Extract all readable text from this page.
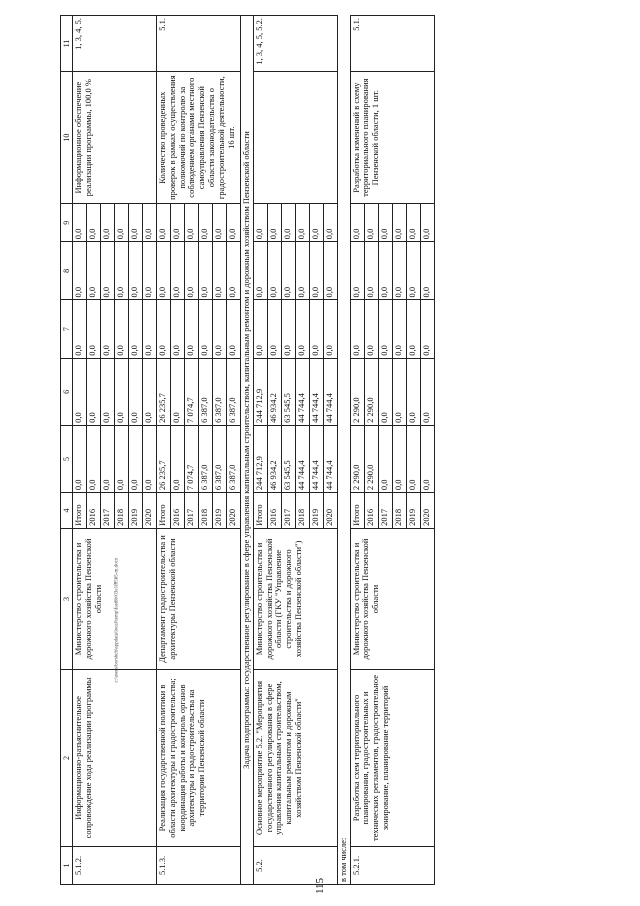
115
c:\users\borshch\appdata\local\temp\fast6b\03e1f8565-m.docx
1	2	3	4	5	6	7	8	9	10	11
5.1.2.	Информационно-разъяснительное сопровождение хода реализации программы	Министерство строительства и дорожного хозяйства Пензенской области	Итого	0,0	0,0	0,0	0,0	0,0	Информационное обеспечение реализации программы, 100,0 %	1, 3, 4, 5.
			2016	0,0	0,0	0,0	0,0	0,0		
			2017	0,0	0,0	0,0	0,0	0,0		
			2018	0,0	0,0	0,0	0,0	0,0		
			2019	0,0	0,0	0,0	0,0	0,0		
			2020	0,0	0,0	0,0	0,0	0,0		
5.1.3.	Реализация государственной политики в области архитектуры и градостроительства; координация работы и контроль органов архитектуры и градостроительства на территории Пензенской области	Департамент градостроительства и архитектуры Пензенской области	Итого	26 235,7	26 235,7	0,0	0,0	0,0	Количество проведенных проверок в рамках осуществления полномочий по контролю за соблюдением органами местного самоуправления Пензенской области законодательства о градостроительной деятельности, 16 шт.	5.1.
			2016	0,0	0,0	0,0	0,0	0,0		
			2017	7 074,7	7 074,7	0,0	0,0	0,0		
			2018	6 387,0	6 387,0	0,0	0,0	0,0		
			2019	6 387,0	6 387,0	0,0	0,0	0,0		
			2020	6 387,0	6 387,0	0,0	0,0	0,0		
Задача подпрограммы: государственное регулирование в сфере управления капитальным строительством, капитальным ремонтом и дорожным хозяйством Пензенской области										
5.2.	Основное мероприятие 5.2. "Мероприятия государственного регулирования в сфере управления капитальным строительством, капитальным ремонтом и дорожным хозяйством Пензенской области"	Министерство строительства и дорожного хозяйства Пензенской области (ГКУ "Управление строительства и дорожного хозяйства Пензенской области")	Итого	244 712,9	244 712,9	0,0	0,0	0,0		1, 3, 4, 5, 5.2.
			2016	46 934,2	46 934,2	0,0	0,0	0,0		
			2017	63 545,5	63 545,5	0,0	0,0	0,0		
			2018	44 744,4	44 744,4	0,0	0,0	0,0		
			2019	44 744,4	44 744,4	0,0	0,0	0,0		
			2020	44 744,4	44 744,4	0,0	0,0	0,0		
в том числе:										
5.2.1.	Разработка схем территориального планирования, градостроительных и технических регламентов, градостроительное зонирование, планирование территорий	Министерство строительства и дорожного хозяйства Пензенской области	Итого	2 290,0	2 290,0	0,0	0,0	0,0	Разработка изменений в схему территориального планирования Пензенской области, 1 шт.	5.1.
			2016	2 290,0	2 290,0	0,0	0,0	0,0		
			2017	0,0	0,0	0,0	0,0	0,0		
			2018	0,0	0,0	0,0	0,0	0,0		
			2019	0,0	0,0	0,0	0,0	0,0		
			2020	0,0	0,0	0,0	0,0	0,0		
